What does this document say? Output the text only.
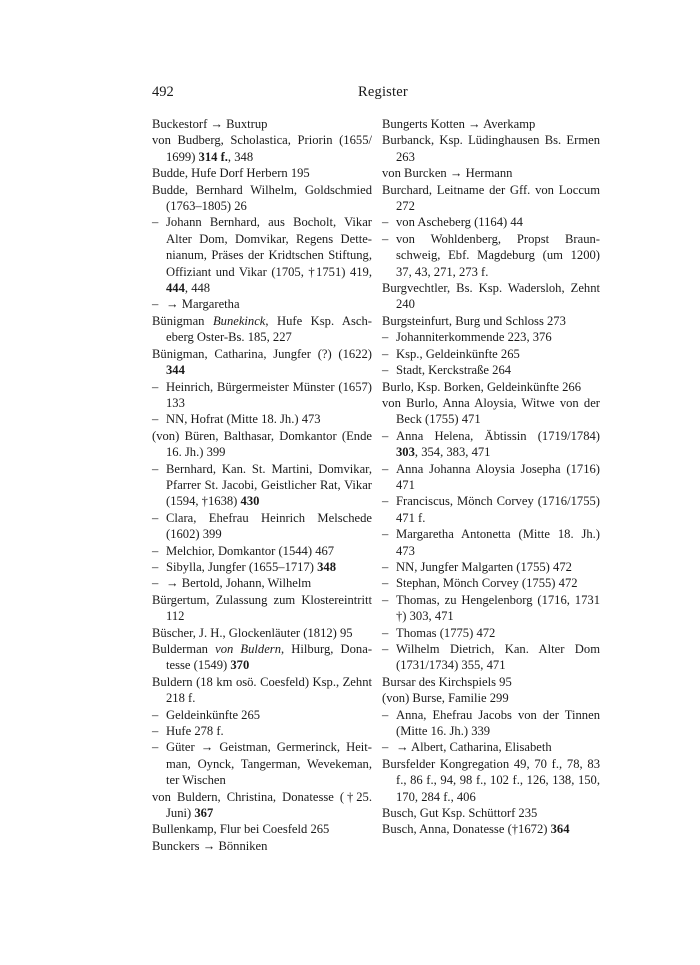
492	Register
Buckestorf → Buxtrup
von Budberg, Scholastica, Priorin (1655/ 1699) 314 f., 348
Budde, Hufe Dorf Herbern 195
Budde, Bernhard Wilhelm, Goldschmied (1763–1805) 26
– Johann Bernhard, aus Bocholt, Vikar Alter Dom, Domvikar, Regens Dettenianum, Präses der Kridtschen Stiftung, Offiziant und Vikar (1705, †1751) 419, 444, 448
– → Margaretha
Bünigman Bunekinck, Hufe Ksp. Ascheberg Oster-Bs. 185, 227
Bünigman, Catharina, Jungfer (?) (1622) 344
– Heinrich, Bürgermeister Münster (1657) 133
– NN, Hofrat (Mitte 18. Jh.) 473
(von) Büren, Balthasar, Domkantor (Ende 16. Jh.) 399
– Bernhard, Kan. St. Martini, Domvikar, Pfarrer St. Jacobi, Geistlicher Rat, Vikar (1594, †1638) 430
– Clara, Ehefrau Heinrich Melschede (1602) 399
– Melchior, Domkantor (1544) 467
– Sibylla, Jungfer (1655–1717) 348
– → Bertold, Johann, Wilhelm
Bürgertum, Zulassung zum Klostereintritt 112
Büscher, J. H., Glockenläuter (1812) 95
Bulderman von Buldern, Hilburg, Donatesse (1549) 370
Buldern (18 km osö. Coesfeld) Ksp., Zehnt 218 f.
– Geldeinkünfte 265
– Hufe 278 f.
– Güter → Geistman, Germerinck, Heitman, Oynck, Tangerman, Wevekeman, ter Wischen
von Buldern, Christina, Donatesse (†25. Juni) 367
Bullenkamp, Flur bei Coesfeld 265
Bunckers → Bönniken
Bungerts Kotten → Averkamp
Burbanck, Ksp. Lüdinghausen Bs. Ermen 263
von Burcken → Hermann
Burchard, Leitname der Gff. von Loccum 272
– von Ascheberg (1164) 44
– von Wohldenberg, Propst Braunschweig, Ebf. Magdeburg (um 1200) 37, 43, 271, 273 f.
Burgvechtler, Bs. Ksp. Wadersloh, Zehnt 240
Burgsteinfurt, Burg und Schloss 273
– Johanniterkommende 223, 376
– Ksp., Geldeinkünfte 265
– Stadt, Kerckstraße 264
Burlo, Ksp. Borken, Geldeinkünfte 266
von Burlo, Anna Aloysia, Witwe von der Beck (1755) 471
– Anna Helena, Äbtissin (1719/1784) 303, 354, 383, 471
– Anna Johanna Aloysia Josepha (1716) 471
– Franciscus, Mönch Corvey (1716/1755) 471 f.
– Margaretha Antonetta (Mitte 18. Jh.) 473
– NN, Jungfer Malgarten (1755) 472
– Stephan, Mönch Corvey (1755) 472
– Thomas, zu Hengelenborg (1716, 1731 †) 303, 471
– Thomas (1775) 472
– Wilhelm Dietrich, Kan. Alter Dom (1731/1734) 355, 471
Bursar des Kirchspiels 95
(von) Burse, Familie 299
– Anna, Ehefrau Jacobs von der Tinnen (Mitte 16. Jh.) 339
– → Albert, Catharina, Elisabeth
Bursfelder Kongregation 49, 70 f., 78, 83 f., 86 f., 94, 98 f., 102 f., 126, 138, 150, 170, 284 f., 406
Busch, Gut Ksp. Schüttorf 235
Busch, Anna, Donatesse (†1672) 364
